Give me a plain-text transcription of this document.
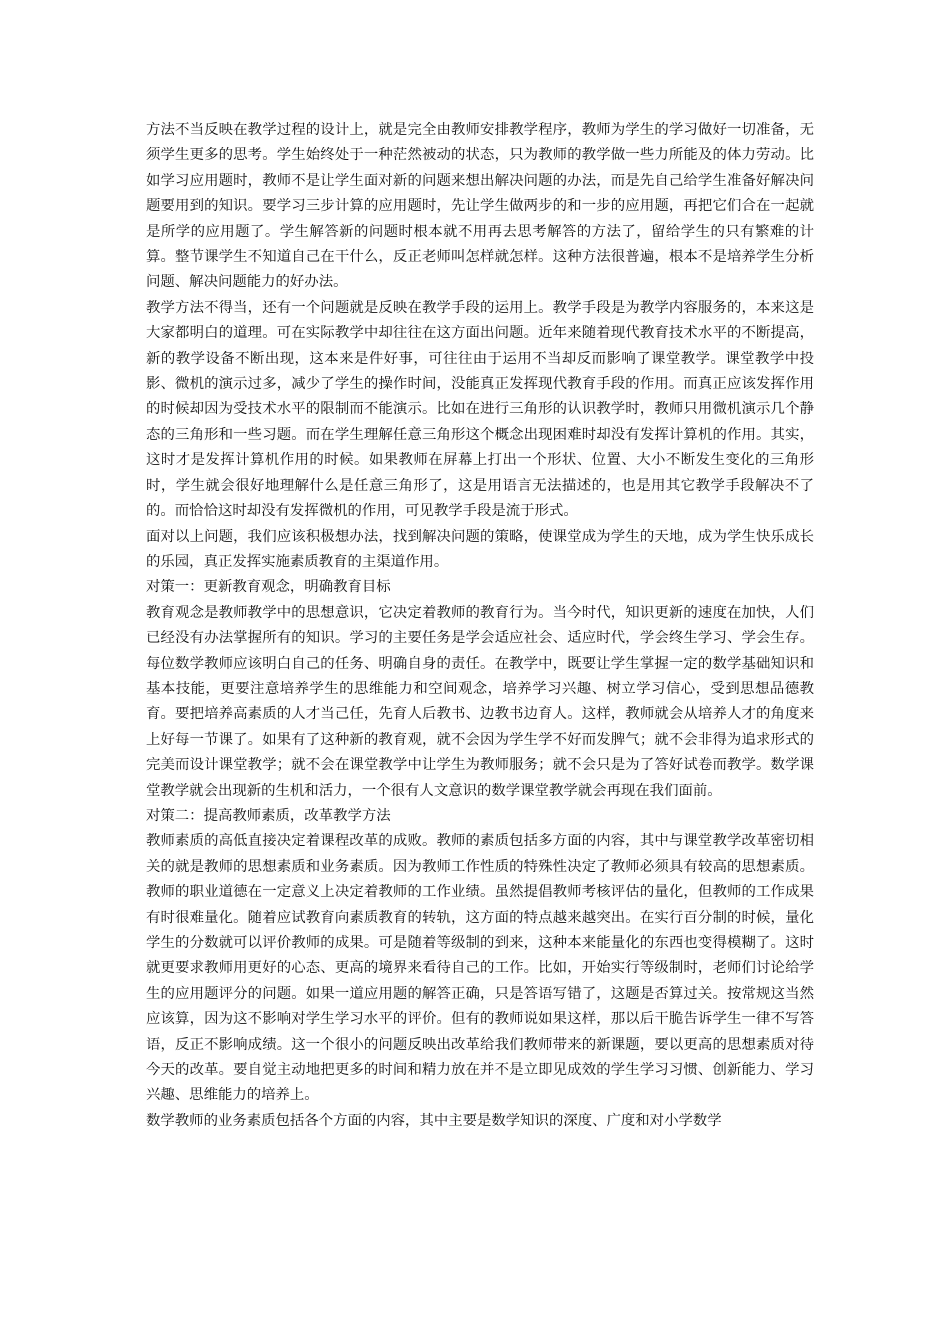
方法不当反映在教学过程的设计上，就是完全由教师安排教学程序，教师为学生的学习做好一切准备，无须学生更多的思考。学生始终处于一种茫然被动的状态，只为教师的教学做一些力所能及的体力劳动。比如学习应用题时，教师不是让学生面对新的问题来想出解决问题的办法，而是先自己给学生准备好解决问题要用到的知识。要学习三步计算的应用题时，先让学生做两步的和一步的应用题，再把它们合在一起就是所学的应用题了。学生解答新的问题时根本就不用再去思考解答的方法了，留给学生的只有繁难的计算。整节课学生不知道自己在干什么，反正老师叫怎样就怎样。这种方法很普遍，根本不是培养学生分析问题、解决问题能力的好办法。

教学方法不得当，还有一个问题就是反映在教学手段的运用上。教学手段是为教学内容服务的，本来这是大家都明白的道理。可在实际教学中却往往在这方面出问题。近年来随着现代教育技术水平的不断提高，新的教学设备不断出现，这本来是件好事，可往往由于运用不当却反而影响了课堂教学。课堂教学中投影、微机的演示过多，减少了学生的操作时间，没能真正发挥现代教育手段的作用。而真正应该发挥作用的时候却因为受技术水平的限制而不能演示。比如在进行三角形的认识教学时，教师只用微机演示几个静态的三角形和一些习题。而在学生理解任意三角形这个概念出现困难时却没有发挥计算机的作用。其实，这时才是发挥计算机作用的时候。如果教师在屏幕上打出一个形状、位置、大小不断发生变化的三角形时，学生就会很好地理解什么是任意三角形了，这是用语言无法描述的，也是用其它教学手段解决不了的。而恰恰这时却没有发挥微机的作用，可见教学手段是流于形式。

面对以上问题，我们应该积极想办法，找到解决问题的策略，使课堂成为学生的天地，成为学生快乐成长的乐园，真正发挥实施素质教育的主渠道作用。

对策一：更新教育观念，明确教育目标

教育观念是教师教学中的思想意识，它决定着教师的教育行为。当今时代，知识更新的速度在加快，人们已经没有办法掌握所有的知识。学习的主要任务是学会适应社会、适应时代，学会终生学习、学会生存。每位数学教师应该明白自己的任务、明确自身的责任。在教学中，既要让学生掌握一定的数学基础知识和基本技能，更要注意培养学生的思维能力和空间观念，培养学习兴趣、树立学习信心，受到思想品德教育。要把培养高素质的人才当己任，先育人后教书、边教书边育人。这样，教师就会从培养人才的角度来上好每一节课了。如果有了这种新的教育观，就不会因为学生学不好而发脾气；就不会非得为追求形式的完美而设计课堂教学；就不会在课堂教学中让学生为教师服务；就不会只是为了答好试卷而教学。数学课堂教学就会出现新的生机和活力，一个很有人文意识的数学课堂教学就会再现在我们面前。

对策二：提高教师素质，改革教学方法

教师素质的高低直接决定着课程改革的成败。教师的素质包括多方面的内容，其中与课堂教学改革密切相关的就是教师的思想素质和业务素质。因为教师工作性质的特殊性决定了教师必须具有较高的思想素质。教师的职业道德在一定意义上决定着教师的工作业绩。虽然提倡教师考核评估的量化，但教师的工作成果有时很难量化。随着应试教育向素质教育的转轨，这方面的特点越来越突出。在实行百分制的时候，量化学生的分数就可以评价教师的成果。可是随着等级制的到来，这种本来能量化的东西也变得模糊了。这时就更要求教师用更好的心态、更高的境界来看待自己的工作。比如，开始实行等级制时，老师们讨论给学生的应用题评分的问题。如果一道应用题的解答正确，只是答语写错了，这题是否算过关。按常规这当然应该算，因为这不影响对学生学习水平的评价。但有的教师说如果这样，那以后干脆告诉学生一律不写答语，反正不影响成绩。这一个很小的问题反映出改革给我们教师带来的新课题，要以更高的思想素质对待今天的改革。要自觉主动地把更多的时间和精力放在并不是立即见成效的学生学习习惯、创新能力、学习兴趣、思维能力的培养上。

数学教师的业务素质包括各个方面的内容，其中主要是数学知识的深度、广度和对小学数学
